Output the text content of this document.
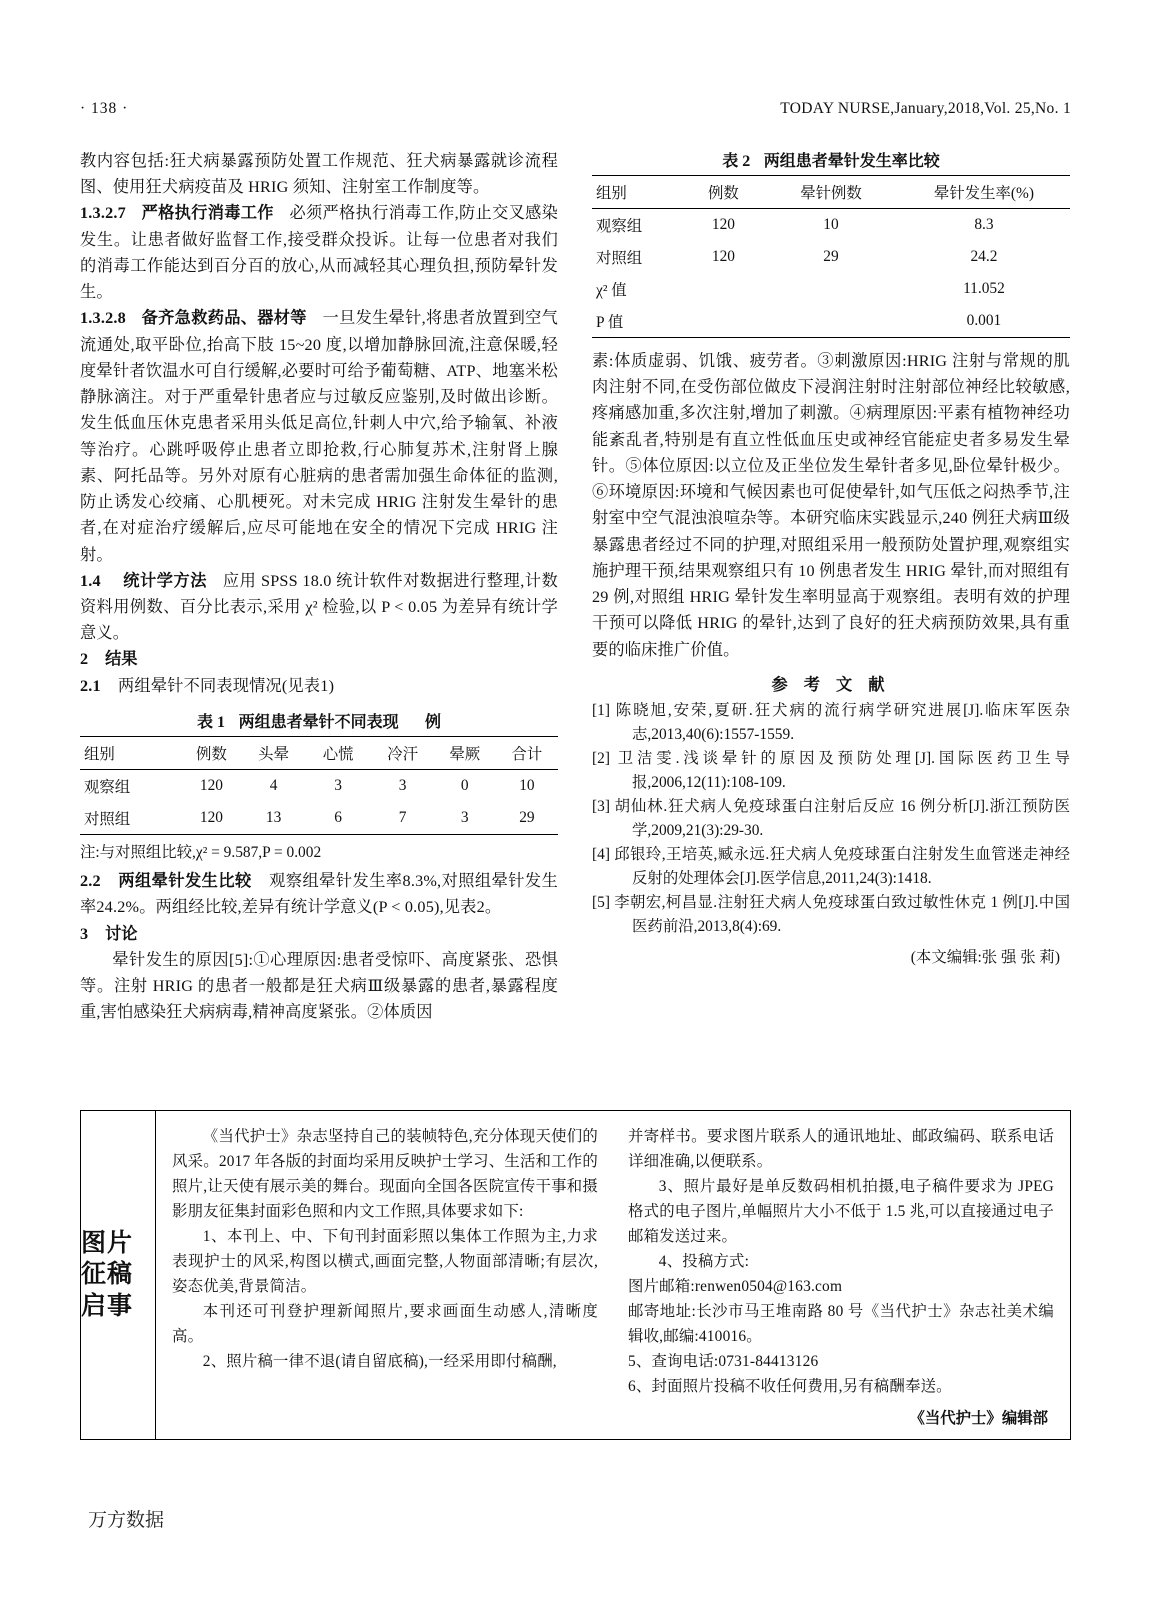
· 138 ·	TODAY NURSE,January,2018,Vol. 25,No. 1
教内容包括:狂犬病暴露预防处置工作规范、狂犬病暴露就诊流程图、使用狂犬病疫苗及 HRIG 须知、注射室工作制度等。
1.3.2.7 严格执行消毒工作 必须严格执行消毒工作,防止交叉感染发生。让患者做好监督工作,接受群众投诉。让每一位患者对我们的消毒工作能达到百分百的放心,从而减轻其心理负担,预防晕针发生。
1.3.2.8 备齐急救药品、器材等 一旦发生晕针,将患者放置到空气流通处,取平卧位,抬高下肢 15~20 度,以增加静脉回流,注意保暖,轻度晕针者饮温水可自行缓解,必要时可给予葡萄糖、ATP、地塞米松静脉滴注。对于严重晕针患者应与过敏反应鉴别,及时做出诊断。发生低血压休克患者采用头低足高位,针刺人中穴,给予输氧、补液等治疗。心跳呼吸停止患者立即抢救,行心肺复苏术,注射肾上腺素、阿托品等。另外对原有心脏病的患者需加强生命体征的监测,防止诱发心绞痛、心肌梗死。对未完成 HRIG 注射发生晕针的患者,在对症治疗缓解后,应尽可能地在安全的情况下完成 HRIG 注射。
1.4 统计学方法 应用 SPSS 18.0 统计软件对数据进行整理,计数资料用例数、百分比表示,采用 χ² 检验,以 P < 0.05 为差异有统计学意义。
2 结果
2.1 两组晕针不同表现情况(见表1)
表 1 两组患者晕针不同表现 例
组别	例数	头晕	心慌	冷汗	晕厥	合计
观察组	120	4	3	3	0	10
对照组	120	13	6	7	3	29
注:与对照组比较,χ² = 9.587,P = 0.002
2.2 两组晕针发生比较 观察组晕针发生率8.3%,对照组晕针发生率24.2%。两组经比较,差异有统计学意义(P < 0.05),见表2。
3 讨论
晕针发生的原因[5]:①心理原因:患者受惊吓、高度紧张、恐惧等。注射 HRIG 的患者一般都是狂犬病Ⅲ级暴露的患者,暴露程度重,害怕感染狂犬病病毒,精神高度紧张。②体质因
表 2 两组患者晕针发生率比较
组别	例数	晕针例数	晕针发生率(%)
观察组	120	10	8.3
对照组	120	29	24.2
χ² 值			11.052
P 值			0.001
素:体质虚弱、饥饿、疲劳者。③刺激原因:HRIG 注射与常规的肌肉注射不同,在受伤部位做皮下浸润注射时注射部位神经比较敏感,疼痛感加重,多次注射,增加了刺激。④病理原因:平素有植物神经功能紊乱者,特别是有直立性低血压史或神经官能症史者多易发生晕针。⑤体位原因:以立位及正坐位发生晕针者多见,卧位晕针极少。⑥环境原因:环境和气候因素也可促使晕针,如气压低之闷热季节,注射室中空气混浊浪喧杂等。本研究临床实践显示,240 例狂犬病Ⅲ级暴露患者经过不同的护理,对照组采用一般预防处置护理,观察组实施护理干预,结果观察组只有 10 例患者发生 HRIG 晕针,而对照组有 29 例,对照组 HRIG 晕针发生率明显高于观察组。表明有效的护理干预可以降低 HRIG 的晕针,达到了良好的狂犬病预防效果,具有重要的临床推广价值。
参 考 文 献
[1] 陈晓旭,安荣,夏研.狂犬病的流行病学研究进展[J].临床军医杂志,2013,40(6):1557-1559.
[2] 卫洁雯.浅谈晕针的原因及预防处理[J].国际医药卫生导报,2006,12(11):108-109.
[3] 胡仙林.狂犬病人免疫球蛋白注射后反应 16 例分析[J].浙江预防医学,2009,21(3):29-30.
[4] 邱银玲,王培英,臧永远.狂犬病人免疫球蛋白注射发生血管迷走神经反射的处理体会[J].医学信息,2011,24(3):1418.
[5] 李朝宏,柯昌显.注射狂犬病人免疫球蛋白致过敏性休克 1 例[J].中国医药前沿,2013,8(4):69.
(本文编辑:张 强 张 莉)
图片征稿启事

《当代护士》杂志坚持自己的装帧特色,充分体现天使们的风采。2017 年各版的封面均采用反映护士学习、生活和工作的照片,让天使有展示美的舞台。现面向全国各医院宣传干事和摄影朋友征集封面彩色照和内文工作照,具体要求如下:

1、本刊上、中、下旬刊封面彩照以集体工作照为主,力求表现护士的风采,构图以横式,画面完整,人物面部清晰;有层次,姿态优美,背景简洁。

本刊还可刊登护理新闻照片,要求画面生动感人,清晰度高。

2、照片稿一律不退(请自留底稿),一经采用即付稿酬,

并寄样书。要求图片联系人的通讯地址、邮政编码、联系电话详细准确,以便联系。

3、照片最好是单反数码相机拍摄,电子稿件要求为 JPEG 格式的电子图片,单幅照片大小不低于 1.5 兆,可以直接通过电子邮箱发送过来。

4、投稿方式:

图片邮箱:renwen0504@163.com

邮寄地址:长沙市马王堆南路 80 号《当代护士》杂志社美术编辑收,邮编:410016。

5、查询电话:0731-84413126

6、封面照片投稿不收任何费用,另有稿酬奉送。

《当代护士》编辑部
万方数据
